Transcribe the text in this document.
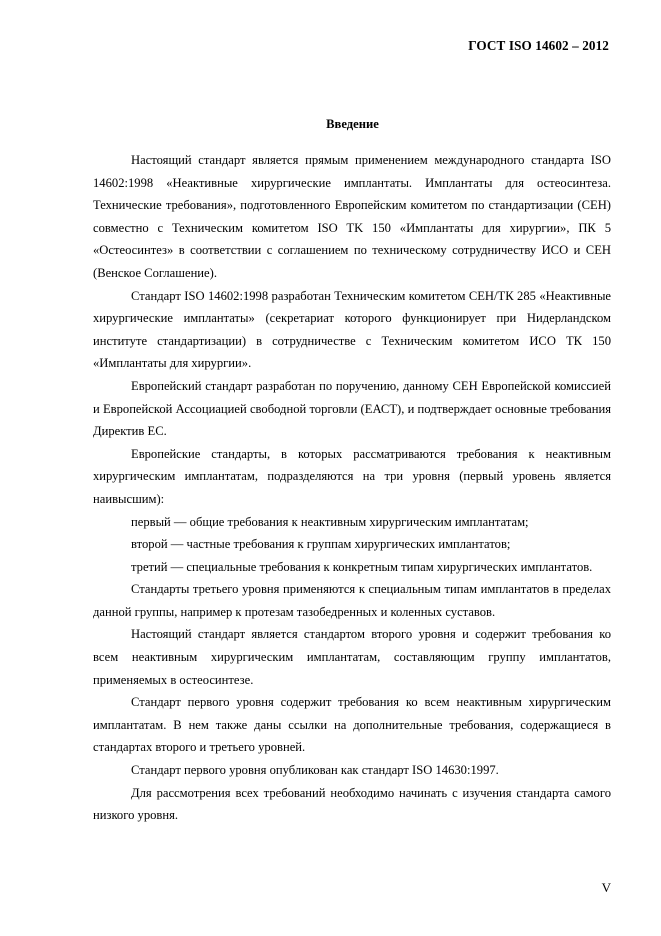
ГОСТ ISO 14602 – 2012
Введение

Настоящий стандарт является прямым применением международного стандарта ISO 14602:1998 «Неактивные хирургические имплантаты. Имплантаты для остеосинтеза. Технические требования», подготовленного Европейским комитетом по стандартизации (CEH) совместно с Техническим комитетом ISO TK 150 «Имплантаты для хирургии», ПК 5 «Остеосинтез» в соответствии с соглашением по техническому сотрудничеству ИСО и СЕН (Венское Соглашение).

Стандарт ISO 14602:1998 разработан Техническим комитетом СЕН/ТК 285 «Неактивные хирургические имплантаты» (секретариат которого функционирует при Нидерландском институте стандартизации) в сотрудничестве с Техническим комитетом ИСО ТК 150 «Имплантаты для хирургии».

Европейский стандарт разработан по поручению, данному СЕН Европейской комиссией и Европейской Ассоциацией свободной торговли (ЕАСТ), и подтверждает основные требования Директив ЕС.

Европейские стандарты, в которых рассматриваются требования к неактивным хирургическим имплантатам, подразделяются на три уровня (первый уровень является наивысшим):

первый — общие требования к неактивным хирургическим имплантатам;

второй — частные требования к группам хирургических имплантатов;

третий — специальные требования к конкретным типам хирургических имплантатов.

Стандарты третьего уровня применяются к специальным типам имплантатов в пределах данной группы, например к протезам тазобедренных и коленных суставов.

Настоящий стандарт является стандартом второго уровня и содержит требования ко всем неактивным хирургическим имплантатам, составляющим группу имплантатов, применяемых в остеосинтезе.

Стандарт первого уровня содержит требования ко всем неактивным хирургическим имплантатам. В нем также даны ссылки на дополнительные требования, содержащиеся в стандартах второго и третьего уровней.

Стандарт первого уровня опубликован как стандарт ISO 14630:1997.

Для рассмотрения всех требований необходимо начинать с изучения стандарта самого низкого уровня.

V
